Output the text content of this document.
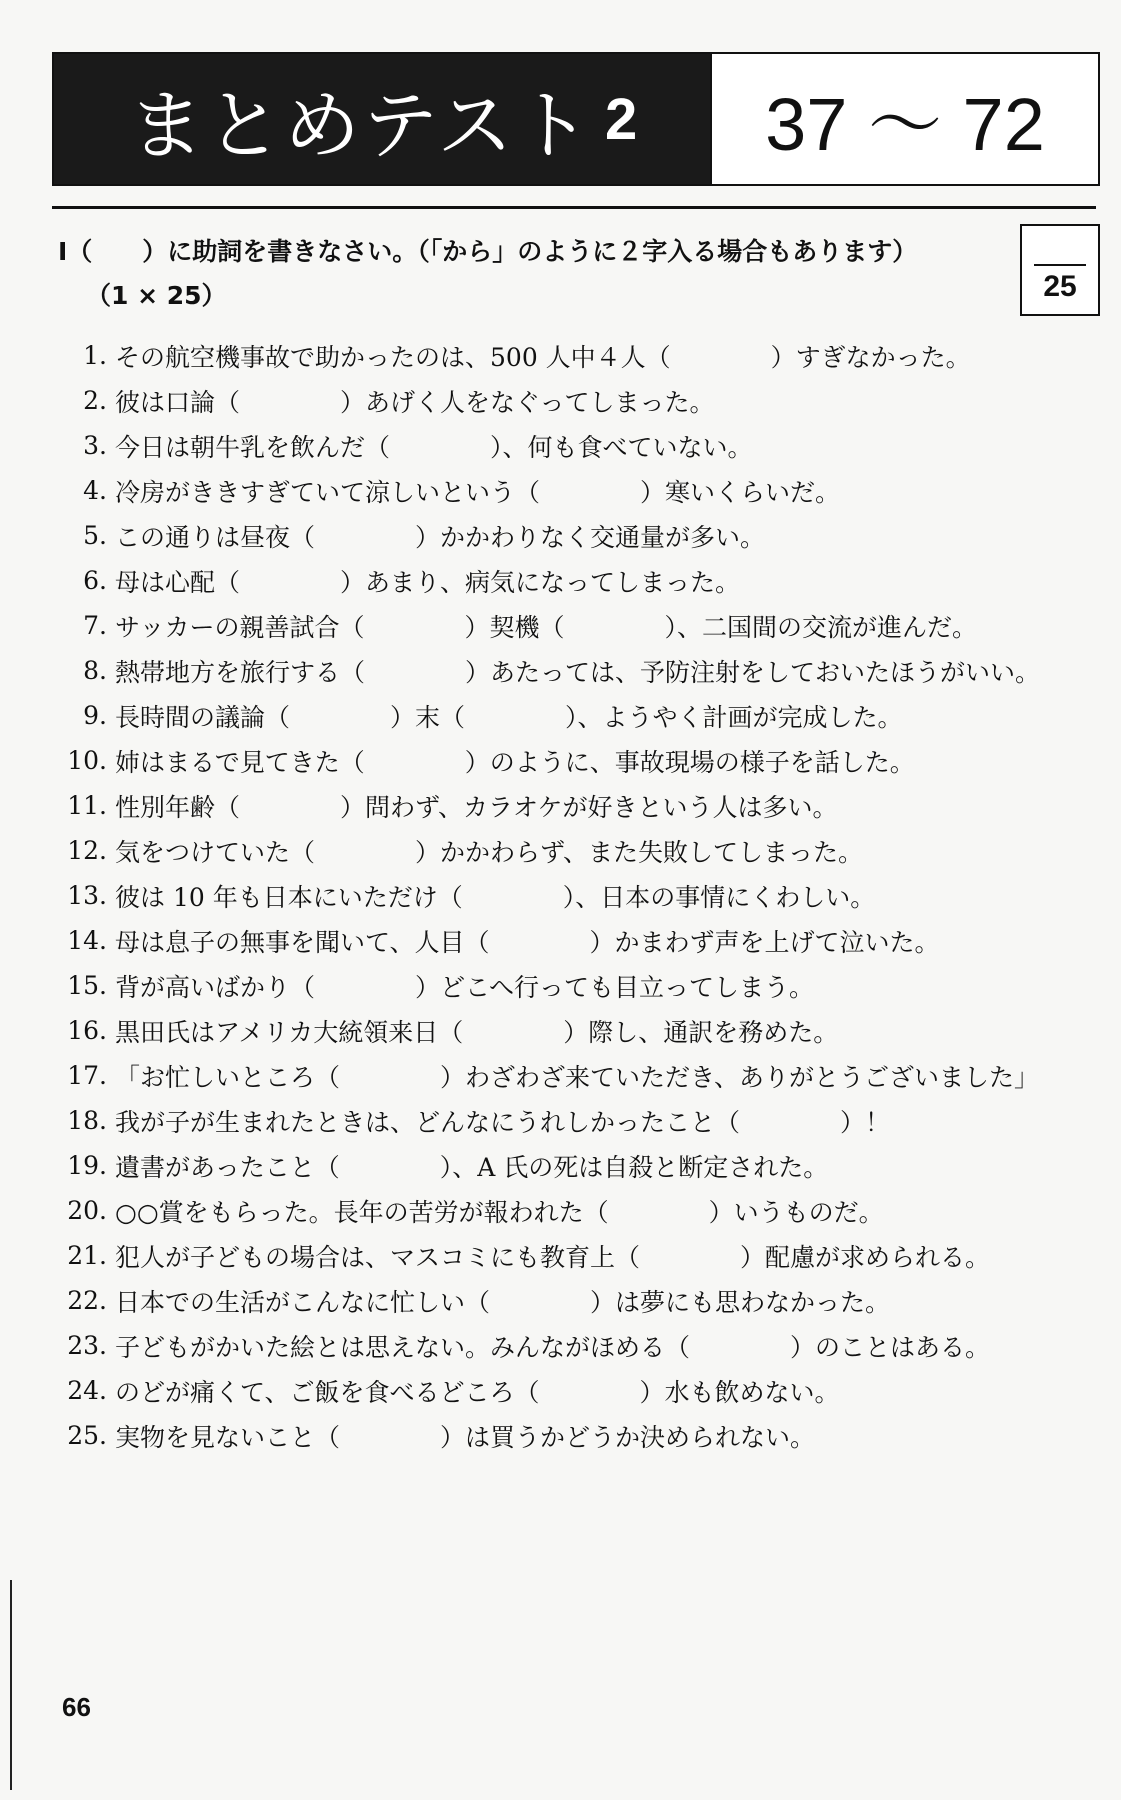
まとめテスト 2	37 ～ 72
Ⅰ（　　）に助詞を書きなさい。（「から」のように２字入る場合もあります）
（1 × 25）	25
1. その航空機事故で助かったのは、500 人中４人（　　　　）すぎなかった。
2. 彼は口論（　　　　）あげく人をなぐってしまった。
3. 今日は朝牛乳を飲んだ（　　　　）、何も食べていない。
4. 冷房がききすぎていて涼しいという（　　　　）寒いくらいだ。
5. この通りは昼夜（　　　　）かかわりなく交通量が多い。
6. 母は心配（　　　　）あまり、病気になってしまった。
7. サッカーの親善試合（　　　　）契機（　　　　）、二国間の交流が進んだ。
8. 熱帯地方を旅行する（　　　　）あたっては、予防注射をしておいたほうがいい。
9. 長時間の議論（　　　　）末（　　　　）、ようやく計画が完成した。
10. 姉はまるで見てきた（　　　　）のように、事故現場の様子を話した。
11. 性別年齢（　　　　）問わず、カラオケが好きという人は多い。
12. 気をつけていた（　　　　）かかわらず、また失敗してしまった。
13. 彼は 10 年も日本にいただけ（　　　　）、日本の事情にくわしい。
14. 母は息子の無事を聞いて、人目（　　　　）かまわず声を上げて泣いた。
15. 背が高いばかり（　　　　）どこへ行っても目立ってしまう。
16. 黒田氏はアメリカ大統領来日（　　　　）際し、通訳を務めた。
17. 「お忙しいところ（　　　　）わざわざ来ていただき、ありがとうございました」
18. 我が子が生まれたときは、どんなにうれしかったこと（　　　　）！
19. 遺書があったこと（　　　　）、A 氏の死は自殺と断定された。
20. ○○賞をもらった。長年の苦労が報われた（　　　　）いうものだ。
21. 犯人が子どもの場合は、マスコミにも教育上（　　　　）配慮が求められる。
22. 日本での生活がこんなに忙しい（　　　　）は夢にも思わなかった。
23. 子どもがかいた絵とは思えない。みんながほめる（　　　　）のことはある。
24. のどが痛くて、ご飯を食べるどころ（　　　　）水も飲めない。
25. 実物を見ないこと（　　　　）は買うかどうか決められない。
66
